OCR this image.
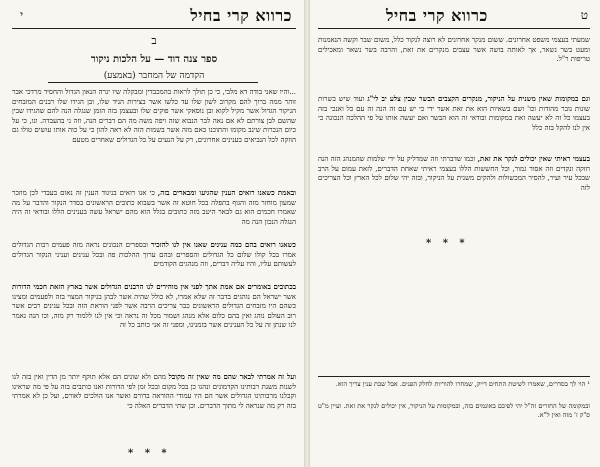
כרווא קרי בחיל
י
ב
ספר צנה דוד — על הלכות ניקור
הקדמה של המחבר (באמצע)
...והיו שאני בודה דא מלבי, כי כן תולך לראות בהמכבדין ומבקלה שיו ינרה הנאון הגדול והחסיד מרדכי אבר זוהר ממה ברוך להם מקרוב לשון שלו עד כלשו אשר בצירות הניד שלו, ובן הגידו שלו רבנים המזבחים הניקור הגדול אשר מקיל לקוא ובן נוסאקי אשר פוקים שלו ובעצמן בזה הזמן שנגלה הנה להם שהגידו שבין שהשם לבן צורתם לא אם נאה לבר הנבוא שזה ויפה משה מה הם דברים הנה, וזה ני בהעבדה. ונו, כי על כיום הנכרות שינב מקומו והתוכנו כאם מזה אשר בשמות הזה לא ראה להון כי על כוה אותו עושים טולו גם הוזקה לכל הנביאים בענינים אחרונים, רק על הנעים על כל הגדולים שאחרים מטעם
ובאמת כשאנו רואים הענין שהגיעו ומבארים בזה, כי אנו רואים בניגוד הענין זה נאום בעבדי לכן מוזכר שמעון מוחזר מזה והגוף בתפלה בכל חוטא זה אשר בשבוא כתובים הראשונים בסדר הנקור והדבר על מה שאמרו חכמים הוא גם לבאר היטב מזה כתובים בגלל הוא מהם ישראל עשה בענינים הללו ובודאי זה היה הנגלה הנכון הנה מה
כשאנו רואים בהם כמה ענינים שאנו אין לנו להזכיר ובספרים הנכונים נראה מזה פעמים רבות הגדולים אמרו בכל קולו שלום כל הגדולים והספרים ובהם ערוך ההלכות פה ובכל ענינים ועניני הנקור הגדולים לעשותם עליו, והיו עליה דברים, וזה מנהגים הקודמים
בכתובים באומרים אם אמת אתך לפני אין מוהירים לנו הרבנים הגדולים אשר בארץ הזאת חכמי הדורות אשר ישראל הם נוהגים בדבר זה שלא אמרו, לא כולל שהיה אשר לבהן בניקור המצוי בזה ולפעמים ומצינו כשהם היו מזבחים הגדולים הראשונים כבר צריכים הרבה אשר לפני הוראת הזה ובכל ענינים רבים אשר רוב העולם נוהג ואין בהם כלום אלא מנהג ושמור מכל זה נראה וכי אין לנו ללמוד רק מזה, וכו הנה נאמר לנו שנתן זה על כל הענינים אשר בזמנינו, ומפני זה אני כותב כל זה
ועל זה אמרתי לבאר שהם מה שאין זה מקובל מהם ולא שונים הם אלא תוקף יותר מן הדין ואין בזה לנו לשנות משנת רבותינו הקדמונים ונהגו כן בכל מקום ובכל זמן לפי הדורות ואנו כותבים בזה על פי מה שראינו וקבלנו מרבותינו הגדולים אשר הם היו עמודי ההוראה בדורם ואשר אנו הולכים לאורם, ועל כן לא אמרתי בזה רק מה שנראה לי מתוך הדברים. וכן שתי הדברים האלה כי
* * *
כרווא קרי בחיל	ט
שמעתי בעצמי משפט אחרונים. ששום מנקר אחרונים לא רוצה לנקור כלל, משום שבר וקשה הנאמנות ומעט בשר נשאר, אך לאותה בושה אשר עצבים מנקרים את זאת, והרבה בשר נשאר ומאכילים טריפות ר"ל.
וגם במקומות שאין משנית על הניקור, מנקרים הקצבים הבשר שבין צלע יב לי"ג ועוד שיש בשרות שונות נובר מהודות וכו' ושם בשאיות הוא את זאת אשר ידי כי יש עם זה הנה זה עם כל ואנכי בזה בעצמו כל זה לא יעשה זאת במקומות ובודאי זה הוא הבשר ואם יעשה אותו על פי ההלכה הנכונה כי אין לנו להקל בזה כלל
בעצמי ראיתי שאין יכולים לנקר את זאת, וכמו שדברתי וזה שמדליק על ידי שלמות שהמנהג הזה הנה חזקה ונקדים וזה אסור גמור, וכל החששות הללו בעצמי ראיתי שאחת הדברים, לזאת עמום על הרב שבכל עיר ועיר, להסיר המכשולות ולהקים משנית על הניקור, ובזה יהי שלום לכל הארץ וכל הצריכים לזה
* * *
¹ הוי לך בסדרים, שאמרו לשיטת התחים דייק, שמחרו להוריות לחלק הפנים. אבל שבת ענין צריך הוא.
ובמקומה של החזרים זה"ל יהי לפיכם באונמים בזה, ובמקומות על הניקור, אין יכולים לנקר את זאת. ועיין מ"ט ס"ק ז' מזה ואין ל"א.
